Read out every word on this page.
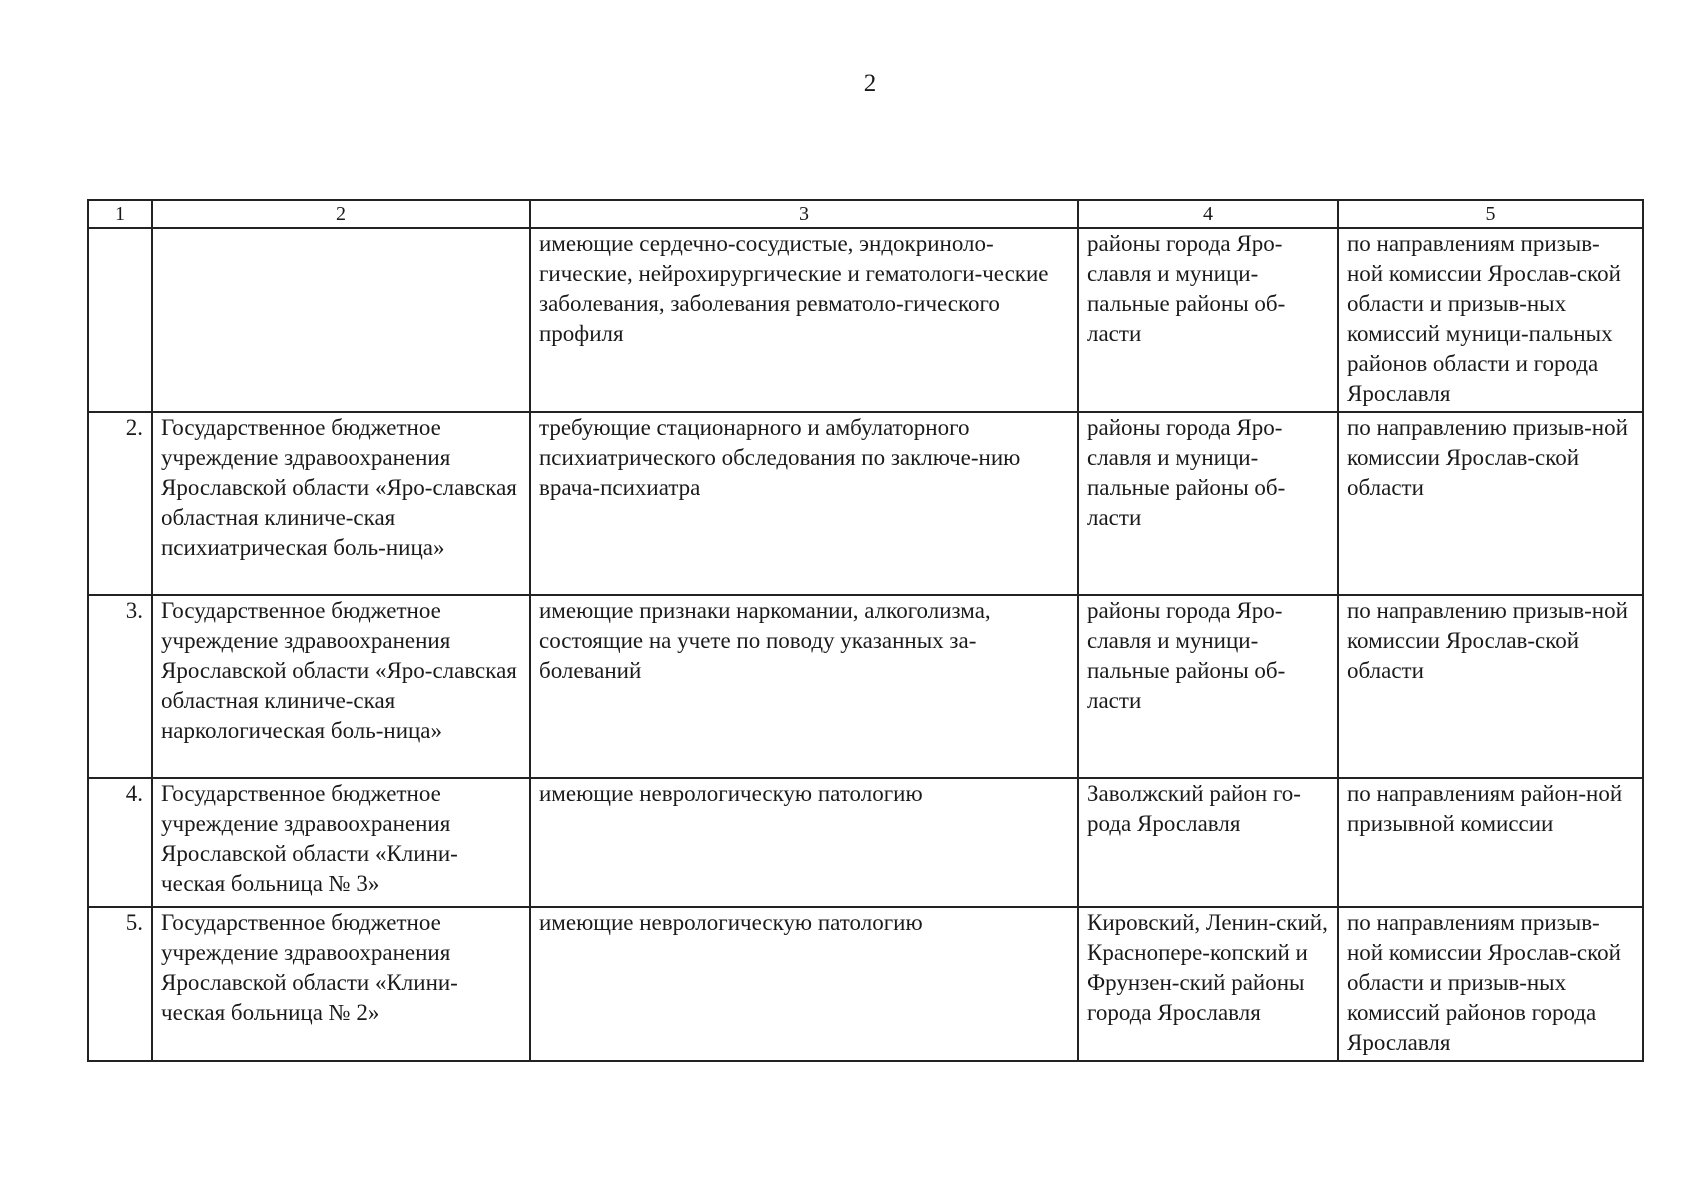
2
1	2	3	4	5
		имеющие сердечно-сосудистые, эндокриноло-гические, нейрохирургические и гематологи-ческие заболевания, заболевания ревматоло-гического профиля	районы города Яро-славля и муници-пальные районы об-ласти	по направлениям призыв-ной комиссии Ярослав-ской области и призыв-ных комиссий муници-пальных районов области и города Ярославля
2.	Государственное бюджетное учреждение здравоохранения Ярославской области «Яро-славская областная клиниче-ская психиатрическая боль-ница»	требующие стационарного и амбулаторного психиатрического обследования по заключе-нию врача-психиатра	районы города Яро-славля и муници-пальные районы об-ласти	по направлению призыв-ной комиссии Ярослав-ской области
3.	Государственное бюджетное учреждение здравоохранения Ярославской области «Яро-славская областная клиниче-ская наркологическая боль-ница»	имеющие признаки наркомании, алкоголизма, состоящие на учете по поводу указанных за-болеваний	районы города Яро-славля и муници-пальные районы об-ласти	по направлению призыв-ной комиссии Ярослав-ской области
4.	Государственное бюджетное учреждение здравоохранения Ярославской области «Клини-ческая больница № 3»	имеющие неврологическую патологию	Заволжский район го-рода Ярославля	по направлениям район-ной призывной комиссии
5.	Государственное бюджетное учреждение здравоохранения Ярославской области «Клини-ческая больница № 2»	имеющие неврологическую патологию	Кировский, Ленин-ский, Краснопере-копский и Фрунзен-ский районы города Ярославля	по направлениям призыв-ной комиссии Ярослав-ской области и призыв-ных комиссий районов города Ярославля
